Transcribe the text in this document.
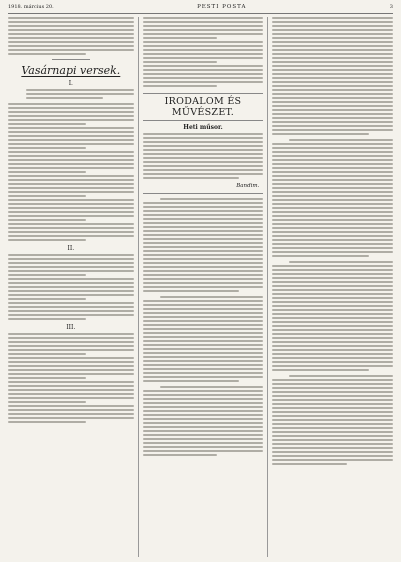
1918. március 20.	PESTI POSTA	3
Vasárnapi versek.
I.
II.
III.
IRODALOM ÉS MŰVÉSZET.
Heti műsor.
Bandim.
